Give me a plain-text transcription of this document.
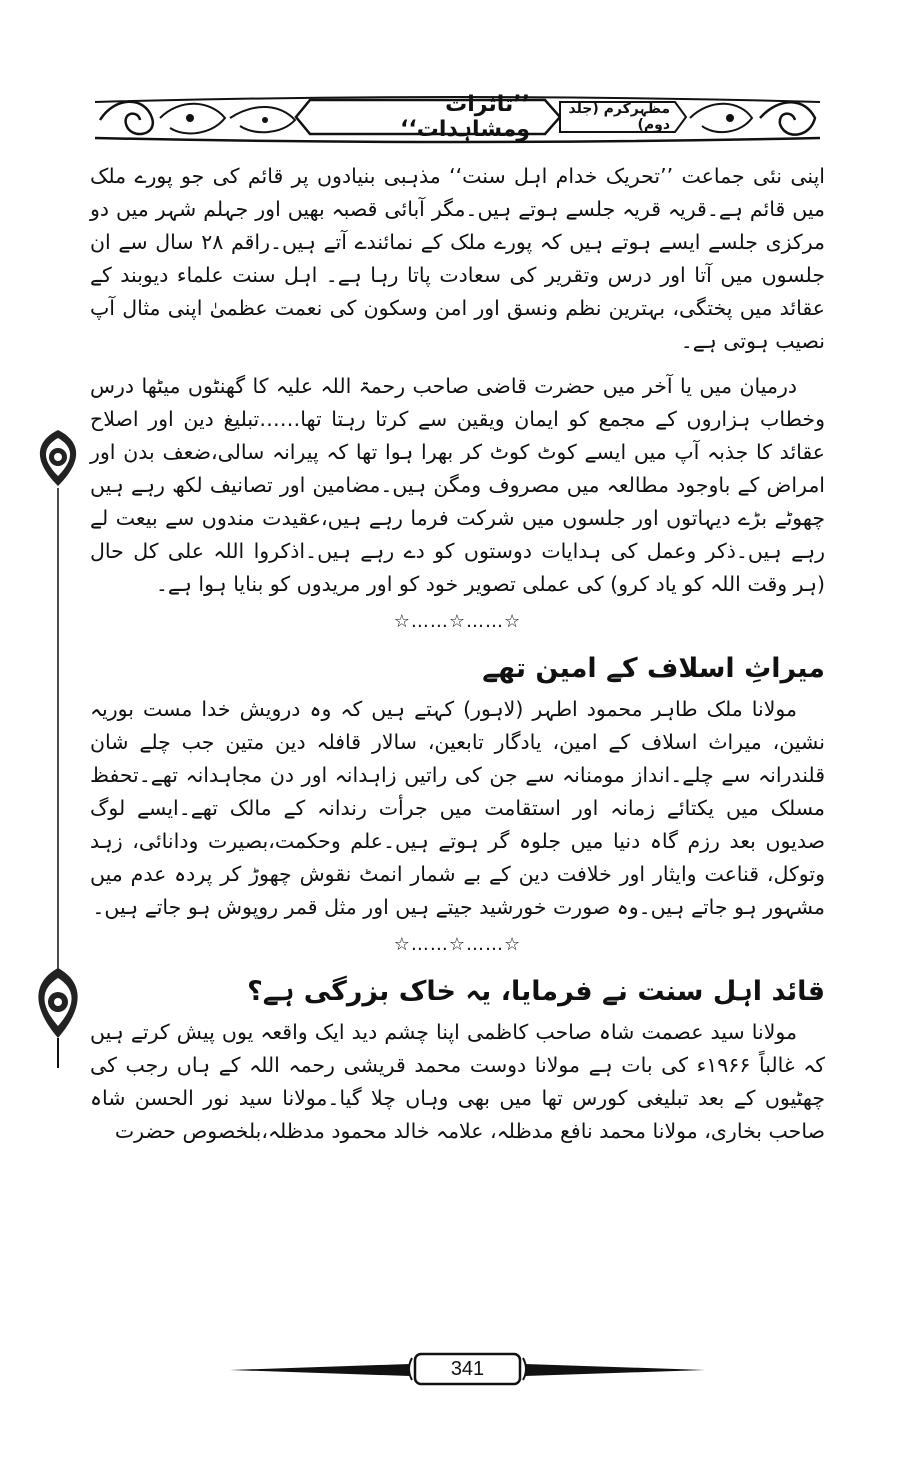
’’تاثرات ومشاہدات‘‘
مظہرکرم (جلد دوم)

اپنی نئی جماعت ’’تحریک خدام اہل سنت‘‘ مذہبی بنیادوں پر قائم کی جو پورے ملک میں قائم ہے۔قریہ قریہ جلسے ہوتے ہیں۔مگر آبائی قصبہ بھیں اور جہلم شہر میں دو مرکزی جلسے ایسے ہوتے ہیں کہ پورے ملک کے نمائندے آتے ہیں۔راقم ۲۸ سال سے ان جلسوں میں آتا اور درس وتقریر کی سعادت پاتا رہا ہے۔ اہل سنت علماء دیوبند کے عقائد میں پختگی، بہترین نظم ونسق اور امن وسکون کی نعمت عظمیٰ اپنی مثال آپ نصیب ہوتی ہے۔

درمیان میں یا آخر میں حضرت قاضی صاحب رحمۃ اللہ علیہ کا گھنٹوں میٹھا درس وخطاب ہزاروں کے مجمع کو ایمان ویقین سے کرتا رہتا تھا……تبلیغ دین اور اصلاح عقائد کا جذبہ آپ میں ایسے کوٹ کوٹ کر بھرا ہوا تھا کہ پیرانہ سالی،ضعف بدن اور امراض کے باوجود مطالعہ میں مصروف ومگن ہیں۔مضامین اور تصانیف لکھ رہے ہیں چھوٹے بڑے دیہاتوں اور جلسوں میں شرکت فرما رہے ہیں،عقیدت مندوں سے بیعت لے رہے ہیں۔ذکر وعمل کی ہدایات دوستوں کو دے رہے ہیں۔اذکروا اللہ علی کل حال (ہر وقت اللہ کو یاد کرو) کی عملی تصویر خود کو اور مریدوں کو بنایا ہوا ہے۔

☆……☆……☆
میراثِ اسلاف کے امین تھے

مولانا ملک طاہر محمود اطہر (لاہور) کہتے ہیں کہ وہ درویش خدا مست بوریہ نشین، میراث اسلاف کے امین، یادگار تابعین، سالار قافلہ دین متین جب چلے شان قلندرانہ سے چلے۔انداز مومنانہ سے جن کی راتیں زاہدانہ اور دن مجاہدانہ تھے۔تحفظ مسلک میں یکتائے زمانہ اور استقامت میں جرأت رندانہ کے مالک تھے۔ایسے لوگ صدیوں بعد رزم گاہ دنیا میں جلوہ گر ہوتے ہیں۔علم وحکمت،بصیرت ودانائی، زہد وتوکل، قناعت وایثار اور خلافت دین کے بے شمار انمٹ نقوش چھوڑ کر پردہ عدم میں مشہور ہو جاتے ہیں۔وہ صورت خورشید جیتے ہیں اور مثل قمر روپوش ہو جاتے ہیں۔

☆……☆……☆
قائد اہل سنت نے فرمایا، یہ خاک بزرگی ہے؟

مولانا سید عصمت شاہ صاحب کاظمی اپنا چشم دید ایک واقعہ یوں پیش کرتے ہیں کہ غالباً ۱۹۶۶ء کی بات ہے مولانا دوست محمد قریشی رحمہ اللہ کے ہاں رجب کی چھٹیوں کے بعد تبلیغی کورس تھا میں بھی وہاں چلا گیا۔مولانا سید نور الحسن شاہ صاحب بخاری، مولانا محمد نافع مدظلہ، علامہ خالد محمود مدظلہ،بلخصوص حضرت

341
